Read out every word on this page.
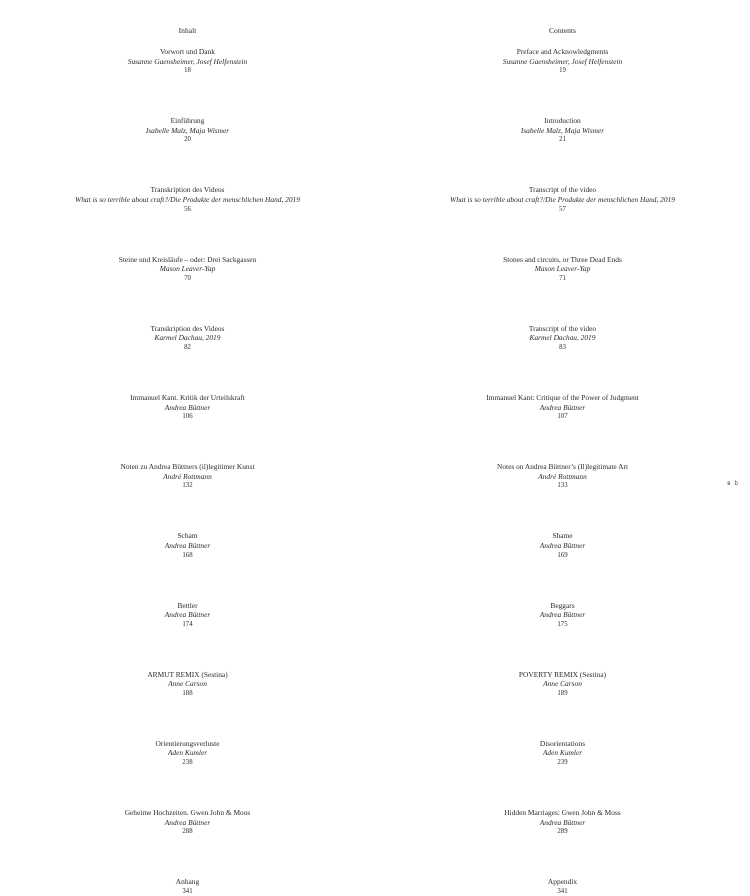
Inhalt
Vorwort und Dank
Susanne Gaensheimer, Josef Helfenstein
18
Einführung
Isabelle Malz, Maja Wismer
20
Transkription des Videos
What is so terrible about craft?/Die Produkte der menschlichen Hand, 2019
56
Steine und Kreisläufe – oder: Drei Sackgassen
Mason Leaver-Yap
70
Transkription des Videos
Karmel Dachau, 2019
82
Immanuel Kant. Kritik der Urteilskraft
Andrea Büttner
106
Noten zu Andrea Büttners (il)legitimer Kunst
André Rottmann
132
Scham
Andrea Büttner
168
Bettler
Andrea Büttner
174
ARMUT REMIX (Sestina)
Anne Carson
188
Orientierungsverluste
Aden Kumler
238
Geheime Hochzeiten. Gwen John & Moos
Andrea Büttner
288
Anhang
341
Contents
Preface and Acknowledgments
Susanne Gaensheimer, Josef Helfenstein
19
Introduction
Isabelle Malz, Maja Wismer
21
Transcript of the video
What is so terrible about craft?/Die Produkte der menschlichen Hand, 2019
57
Stones and circuits, or Three Dead Ends
Mason Leaver-Yap
71
Transcript of the video
Karmel Dachau, 2019
83
Immanuel Kant: Critique of the Power of Judgment
Andrea Büttner
107
Notes on Andrea Büttner’s (Il)legitimate Art
André Rottmann
133
Shame
Andrea Büttner
169
Beggars
Andrea Büttner
175
POVERTY REMIX (Sestina)
Anne Carson
189
Disorientations
Aden Kumler
239
Hidden Marriages: Gwen John & Moss
Andrea Büttner
289
Appendix
341
ʙ b
